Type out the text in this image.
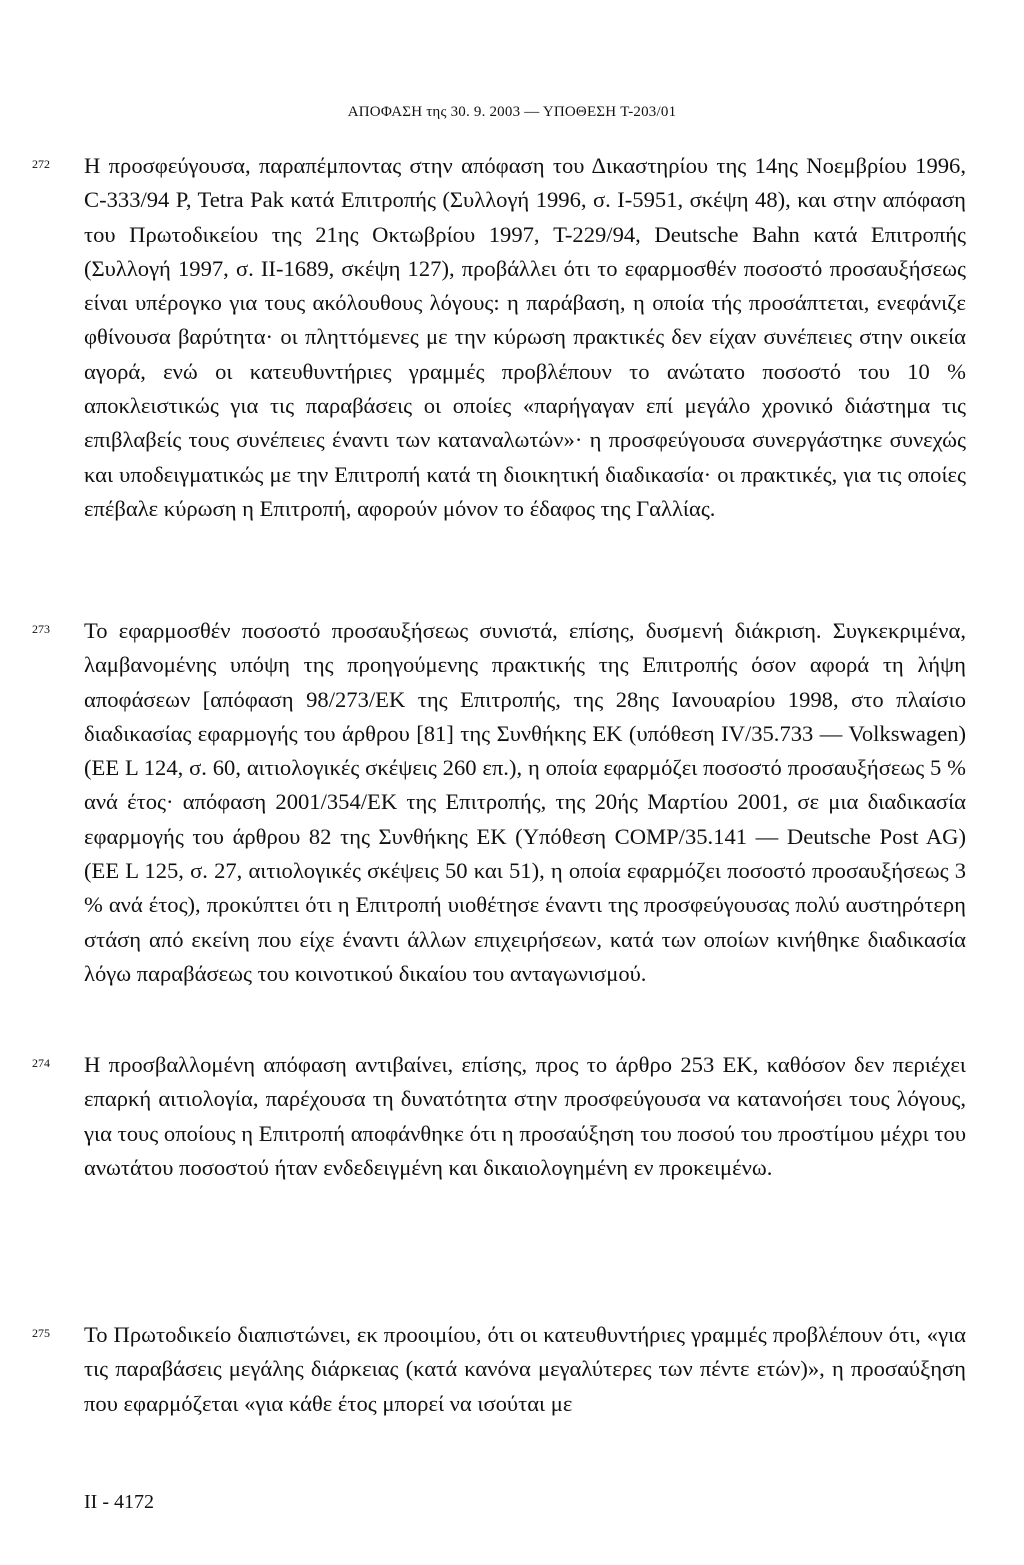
ΑΠΟΦΑΣΗ της 30. 9. 2003 — ΥΠΟΘΕΣΗ T-203/01
272	Η προσφεύγουσα, παραπέμποντας στην απόφαση του Δικαστηρίου της 14ης Νοεμβρίου 1996, C-333/94 P, Tetra Pak κατά Επιτροπής (Συλλογή 1996, σ. I-5951, σκέψη 48), και στην απόφαση του Πρωτοδικείου της 21ης Οκτωβρίου 1997, T-229/94, Deutsche Bahn κατά Επιτροπής (Συλλογή 1997, σ. II-1689, σκέψη 127), προβάλλει ότι το εφαρμοσθέν ποσοστό προσαυξήσεως είναι υπέρογκο για τους ακόλουθους λόγους: η παράβαση, η οποία τής προσάπτεται, ενεφάνιζε φθίνουσα βαρύτητα· οι πληττόμενες με την κύρωση πρακτικές δεν είχαν συνέπειες στην οικεία αγορά, ενώ οι κατευθυντήριες γραμμές προβλέπουν το ανώτατο ποσοστό του 10 % αποκλειστικώς για τις παραβάσεις οι οποίες «παρήγαγαν επί μεγάλο χρονικό διάστημα τις επιβλαβείς τους συνέπειες έναντι των καταναλωτών»· η προσφεύγουσα συνεργάστηκε συνεχώς και υποδειγματικώς με την Επιτροπή κατά τη διοικητική διαδικασία· οι πρακτικές, για τις οποίες επέβαλε κύρωση η Επιτροπή, αφορούν μόνον το έδαφος της Γαλλίας.
273	Το εφαρμοσθέν ποσοστό προσαυξήσεως συνιστά, επίσης, δυσμενή διάκριση. Συγκεκριμένα, λαμβανομένης υπόψη της προηγούμενης πρακτικής της Επιτροπής όσον αφορά τη λήψη αποφάσεων [απόφαση 98/273/ΕΚ της Επιτροπής, της 28ης Ιανουαρίου 1998, στο πλαίσιο διαδικασίας εφαρμογής του άρθρου [81] της Συνθήκης ΕΚ (υπόθεση IV/35.733 — Volkswagen) (ΕΕ L 124, σ. 60, αιτιολογικές σκέψεις 260 επ.), η οποία εφαρμόζει ποσοστό προσαυξήσεως 5 % ανά έτος· απόφαση 2001/354/ΕΚ της Επιτροπής, της 20ής Μαρτίου 2001, σε μια διαδικασία εφαρμογής του άρθρου 82 της Συνθήκης ΕΚ (Υπόθεση COMP/35.141 — Deutsche Post AG) (ΕΕ L 125, σ. 27, αιτιολογικές σκέψεις 50 και 51), η οποία εφαρμόζει ποσοστό προσαυξήσεως 3 % ανά έτος), προκύπτει ότι η Επιτροπή υιοθέτησε έναντι της προσφεύγουσας πολύ αυστηρότερη στάση από εκείνη που είχε έναντι άλλων επιχειρήσεων, κατά των οποίων κινήθηκε διαδικασία λόγω παραβάσεως του κοινοτικού δικαίου του ανταγωνισμού.
274	Η προσβαλλομένη απόφαση αντιβαίνει, επίσης, προς το άρθρο 253 ΕΚ, καθόσον δεν περιέχει επαρκή αιτιολογία, παρέχουσα τη δυνατότητα στην προσφεύγουσα να κατανοήσει τους λόγους, για τους οποίους η Επιτροπή αποφάνθηκε ότι η προσαύξηση του ποσού του προστίμου μέχρι του ανωτάτου ποσοστού ήταν ενδεδειγμένη και δικαιολογημένη εν προκειμένω.
275	Το Πρωτοδικείο διαπιστώνει, εκ προοιμίου, ότι οι κατευθυντήριες γραμμές προβλέπουν ότι, «για τις παραβάσεις μεγάλης διάρκειας (κατά κανόνα μεγαλύτερες των πέντε ετών)», η προσαύξηση που εφαρμόζεται «για κάθε έτος μπορεί να ισούται με
II - 4172
